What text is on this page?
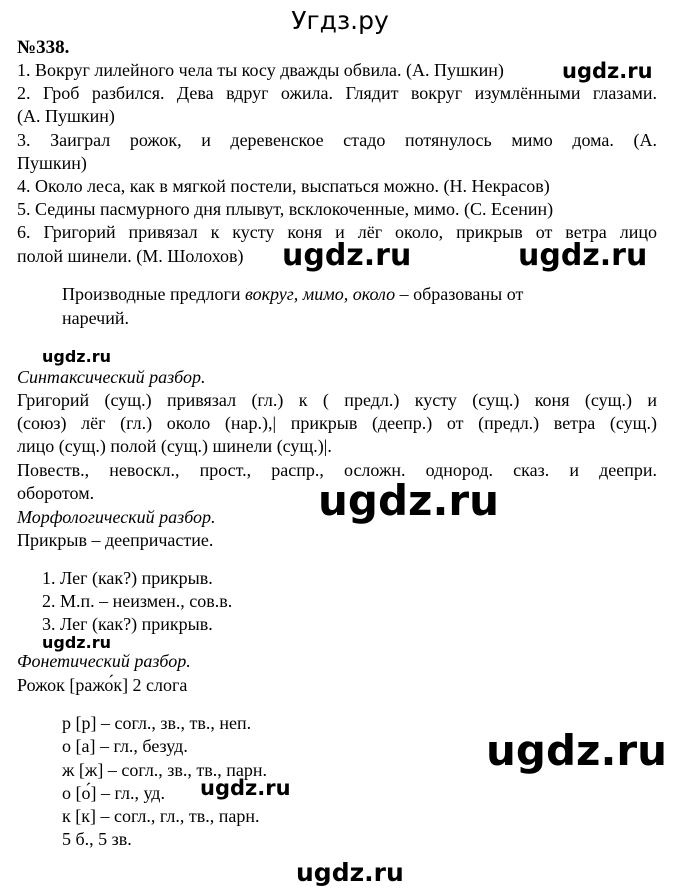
Угдз.ру
№338.
1. Вокруг лилейного чела ты косу дважды обвила. (А. Пушкин)
2. Гроб разбился. Дева вдруг ожила. Глядит вокруг изумлёнными глазами.
(А. Пушкин)
3. Заиграл рожок, и деревенское стадо потянулось мимо дома. (А.
Пушкин)
4. Около леса, как в мягкой постели, выспаться можно. (Н. Некрасов)
5. Седины пасмурного дня плывут, всклокоченные, мимо. (С. Есенин)
6. Григорий привязал к кусту коня и лёг около, прикрыв от ветра лицо
полой шинели. (М. Шолохов)
Производные предлоги вокруг, мимо, около – образованы от
наречий.
Синтаксический разбор.
Григорий (сущ.) привязал (гл.) к ( предл.) кусту (сущ.) коня (сущ.) и
(союз) лёг (гл.) около (нар.),| прикрыв (деепр.) от (предл.) ветра (сущ.)
лицо (сущ.) полой (сущ.) шинели (сущ.)|.
Повеств., невоскл., прост., распр., осложн. однород. сказ. и деепри.
оборотом.
Морфологический разбор.
Прикрыв – деепричастие.
1. Лег (как?) прикрыв.
2. М.п. – неизмен., сов.в.
3. Лег (как?) прикрыв.
Фонетический разбор.
Рожок [ражо́к] 2 слога
р [р] – согл., зв., тв., неп.
о [а] – гл., безуд.
ж [ж] – согл., зв., тв., парн.
о [о́] – гл., уд.
к [к] – согл., гл., тв., парн.
5 б., 5 зв.
ugdz.ru
ugdz.ru	ugdz.ru
ugdz.ru
ugdz.ru
ugdz.ru
ugdz.ru
ugdz.ru
ugdz.ru
